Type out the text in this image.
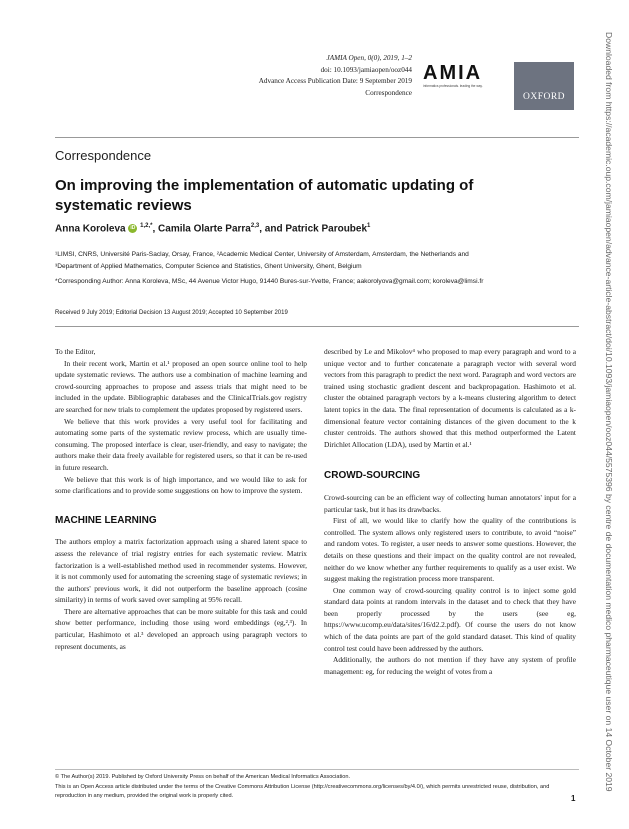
JAMIA Open, 0(0), 2019, 1–2
doi: 10.1093/jamiaopen/ooz044
Advance Access Publication Date: 9 September 2019
Correspondence
AMIA
informatics professionals. leading the way.
OXFORD	Downloaded from https://academic.oup.com/jamiaopen/advance-article-abstract/doi/10.1093/jamiaopen/ooz044/5575396 by centre de documentation medico pharmaceutique user on 14 October 2019
Correspondence
On improving the implementation of automatic updating of systematic reviews
Anna Koroleva iD $^{1,2,*}$, Camila Olarte Parra$^{2,3}$, and Patrick Paroubek$^1$
¹LIMSI, CNRS, Université Paris-Saclay, Orsay, France, ²Academic Medical Center, University of Amsterdam, Amsterdam, the Netherlands and ³Department of Applied Mathematics, Computer Science and Statistics, Ghent University, Ghent, Belgium
*Corresponding Author: Anna Koroleva, MSc, 44 Avenue Victor Hugo, 91440 Bures-sur-Yvette, France; aakorolyova@gmail.com; koroleva@limsi.fr
Received 9 July 2019; Editorial Decision 13 August 2019; Accepted 10 September 2019

To the Editor,

In their recent work, Martin et al.¹ proposed an open source online tool to help update systematic reviews. The authors use a combination of machine learning and crowd-sourcing approaches to propose and assess trials that might need to be included in the update. Bibliographic databases and the ClinicalTrials.gov registry are searched for new trials to complement the updates proposed by registered users.

We believe that this work provides a very useful tool for facilitating and automating some parts of the systematic review process, which are usually time-consuming. The proposed interface is clear, user-friendly, and easy to navigate; the authors make their data freely available for registered users, so that it can be re-used in future research.

We believe that this work is of high importance, and we would like to ask for some clarifications and to provide some suggestions on how to improve the system.

MACHINE LEARNING

The authors employ a matrix factorization approach using a shared latent space to assess the relevance of trial registry entries for each systematic review. Matrix factorization is a well-established method used in recommender systems. However, it is not commonly used for automating the screening stage of systematic reviews; in the authors' previous work, it did not outperform the baseline approach (cosine similarity) in terms of work saved over sampling at 95% recall.

There are alternative approaches that can be more suitable for this task and could show better performance, including those using word embeddings (eg,²,³). In particular, Hashimoto et al.³ developed an approach using paragraph vectors to represent documents, as

described by Le and Mikolov⁴ who proposed to map every paragraph and word to a unique vector and to further concatenate a paragraph vector with several word vectors from this paragraph to predict the next word. Paragraph and word vectors are trained using stochastic gradient descent and backpropagation. Hashimoto et al. cluster the obtained paragraph vectors by a k-means clustering algorithm to detect latent topics in the data. The final representation of documents is calculated as a k-dimensional feature vector containing distances of the given document to the k cluster centroids. The authors showed that this method outperformed the Latent Dirichlet Allocation (LDA), used by Martin et al.¹

CROWD-SOURCING

Crowd-sourcing can be an efficient way of collecting human annotators' input for a particular task, but it has its drawbacks.

First of all, we would like to clarify how the quality of the contributions is controlled. The system allows only registered users to contribute, to avoid “noise” and random votes. To register, a user needs to answer some questions. However, the details on these questions and their impact on the quality control are not revealed, neither do we know whether any further requirements to qualify as a user exist. We suggest making the registration process more transparent.

One common way of crowd-sourcing quality control is to inject some gold standard data points at random intervals in the dataset and to check that they have been properly processed by the users (see eg, https://www.ucomp.eu/data/sites/16/d2.2.pdf). Of course the users do not know which of the data points are part of the gold standard dataset. This kind of quality control test could have been addressed by the authors.

Additionally, the authors do not mention if they have any system of profile management: eg, for reducing the weight of votes from a

© The Author(s) 2019. Published by Oxford University Press on behalf of the American Medical Informatics Association.
This is an Open Access article distributed under the terms of the Creative Commons Attribution License (http://creativecommons.org/licenses/by/4.0/), which permits unrestricted reuse, distribution, and reproduction in any medium, provided the original work is properly cited.	1
